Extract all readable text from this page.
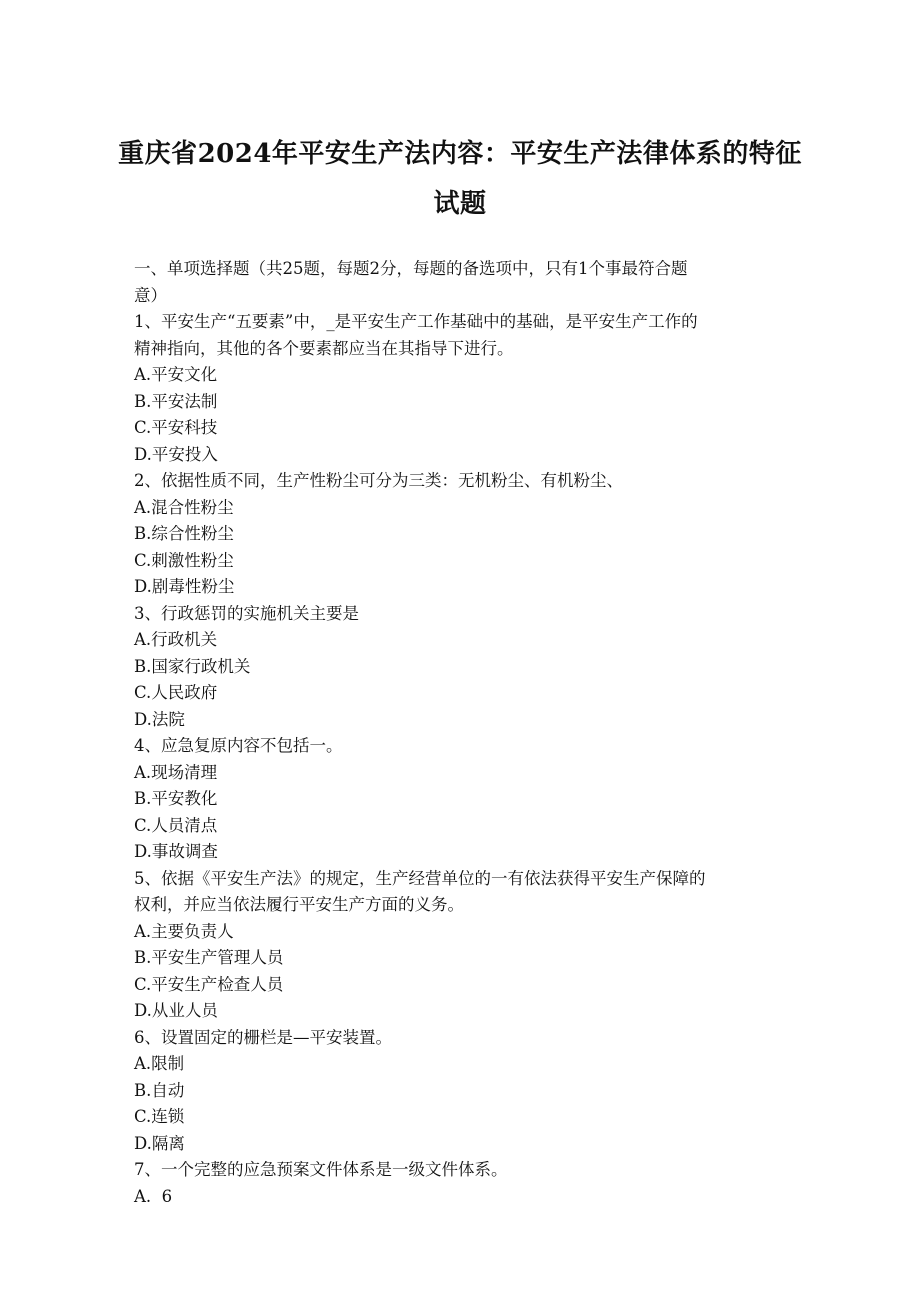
重庆省2024年平安生产法内容：平安生产法律体系的特征
试题
一、单项选择题（共25题，每题2分，每题的备选项中，只有1个事最符合题
意）
1、平安生产“五要素”中，_是平安生产工作基础中的基础，是平安生产工作的
精神指向，其他的各个要素都应当在其指导下进行。
A.平安文化
B.平安法制
C.平安科技
D.平安投入
2、依据性质不同，生产性粉尘可分为三类：无机粉尘、有机粉尘、
A.混合性粉尘
B.综合性粉尘
C.刺激性粉尘
D.剧毒性粉尘
3、行政惩罚的实施机关主要是
A.行政机关
B.国家行政机关
C.人民政府
D.法院
4、应急复原内容不包括一。
A.现场清理
B.平安教化
C.人员清点
D.事故调查
5、依据《平安生产法》的规定，生产经营单位的一有依法获得平安生产保障的
权利，并应当依法履行平安生产方面的义务。
A.主要负责人
B.平安生产管理人员
C.平安生产检查人员
D.从业人员
6、设置固定的栅栏是—平安装置。
A.限制
B.自动
C.连锁
D.隔离
7、一个完整的应急预案文件体系是一级文件体系。
A.  6
